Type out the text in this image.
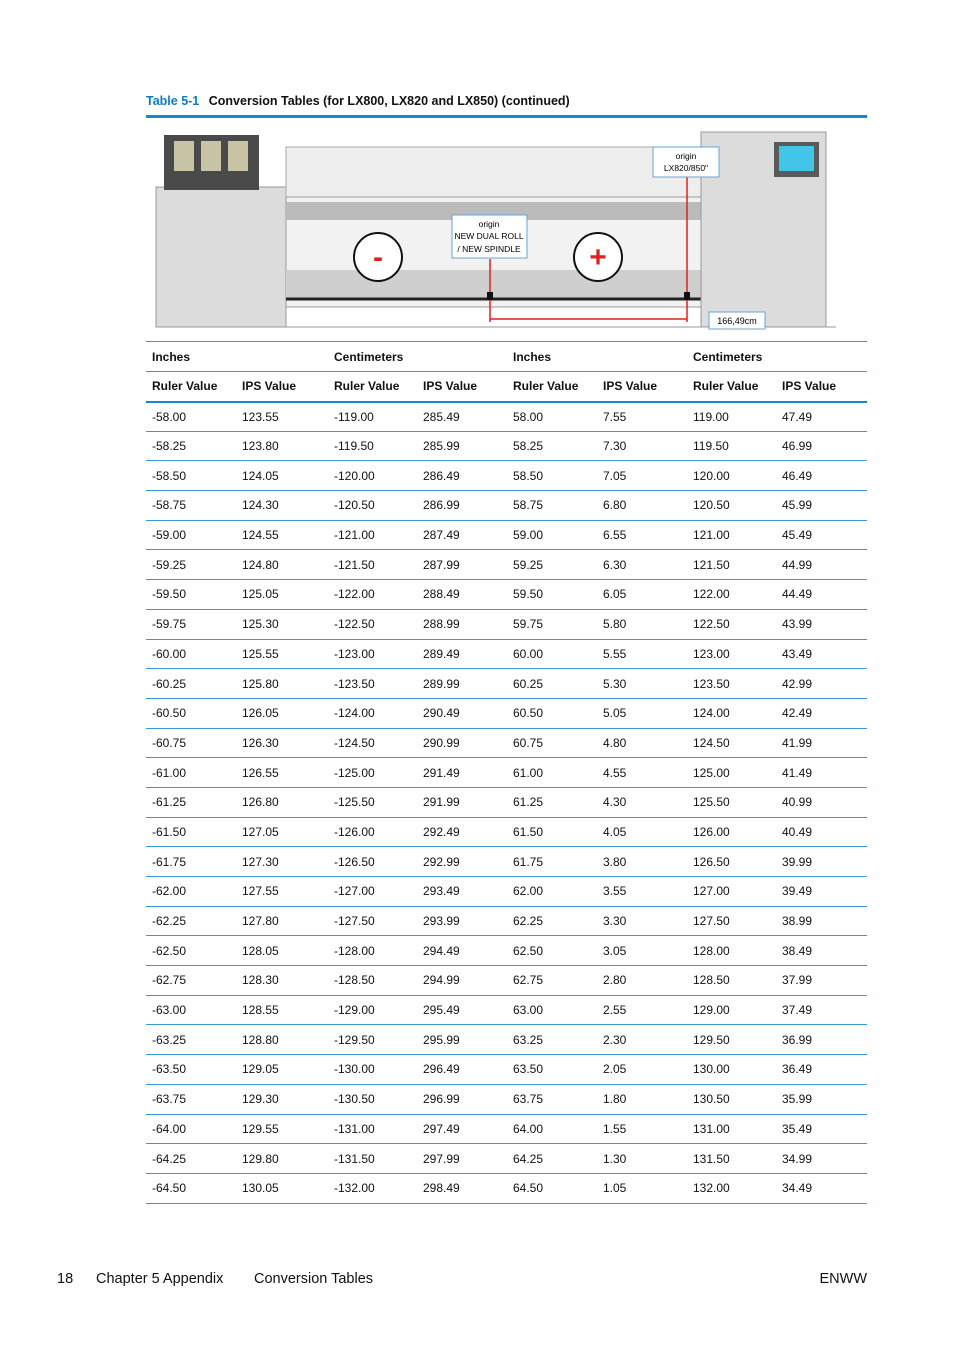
Table 5-1 Conversion Tables (for LX800, LX820 and LX850) (continued)
-	+
origin
LX820/850"
origin
NEW DUAL ROLL
/ NEW SPINDLE
166,49cm
Inches		Centimeters		Inches		Centimeters	
Ruler Value	IPS Value	Ruler Value	IPS Value	Ruler Value	IPS Value	Ruler Value	IPS Value
-58.00	123.55	-119.00	285.49	58.00	7.55	119.00	47.49
-58.25	123.80	-119.50	285.99	58.25	7.30	119.50	46.99
-58.50	124.05	-120.00	286.49	58.50	7.05	120.00	46.49
-58.75	124.30	-120.50	286.99	58.75	6.80	120.50	45.99
-59.00	124.55	-121.00	287.49	59.00	6.55	121.00	45.49
-59.25	124.80	-121.50	287.99	59.25	6.30	121.50	44.99
-59.50	125.05	-122.00	288.49	59.50	6.05	122.00	44.49
-59.75	125.30	-122.50	288.99	59.75	5.80	122.50	43.99
-60.00	125.55	-123.00	289.49	60.00	5.55	123.00	43.49
-60.25	125.80	-123.50	289.99	60.25	5.30	123.50	42.99
-60.50	126.05	-124.00	290.49	60.50	5.05	124.00	42.49
-60.75	126.30	-124.50	290.99	60.75	4.80	124.50	41.99
-61.00	126.55	-125.00	291.49	61.00	4.55	125.00	41.49
-61.25	126.80	-125.50	291.99	61.25	4.30	125.50	40.99
-61.50	127.05	-126.00	292.49	61.50	4.05	126.00	40.49
-61.75	127.30	-126.50	292.99	61.75	3.80	126.50	39.99
-62.00	127.55	-127.00	293.49	62.00	3.55	127.00	39.49
-62.25	127.80	-127.50	293.99	62.25	3.30	127.50	38.99
-62.50	128.05	-128.00	294.49	62.50	3.05	128.00	38.49
-62.75	128.30	-128.50	294.99	62.75	2.80	128.50	37.99
-63.00	128.55	-129.00	295.49	63.00	2.55	129.00	37.49
-63.25	128.80	-129.50	295.99	63.25	2.30	129.50	36.99
-63.50	129.05	-130.00	296.49	63.50	2.05	130.00	36.49
-63.75	129.30	-130.50	296.99	63.75	1.80	130.50	35.99
-64.00	129.55	-131.00	297.49	64.00	1.55	131.00	35.49
-64.25	129.80	-131.50	297.99	64.25	1.30	131.50	34.99
-64.50	130.05	-132.00	298.49	64.50	1.05	132.00	34.49
18 Chapter 5 Appendix Conversion Tables	ENWW
